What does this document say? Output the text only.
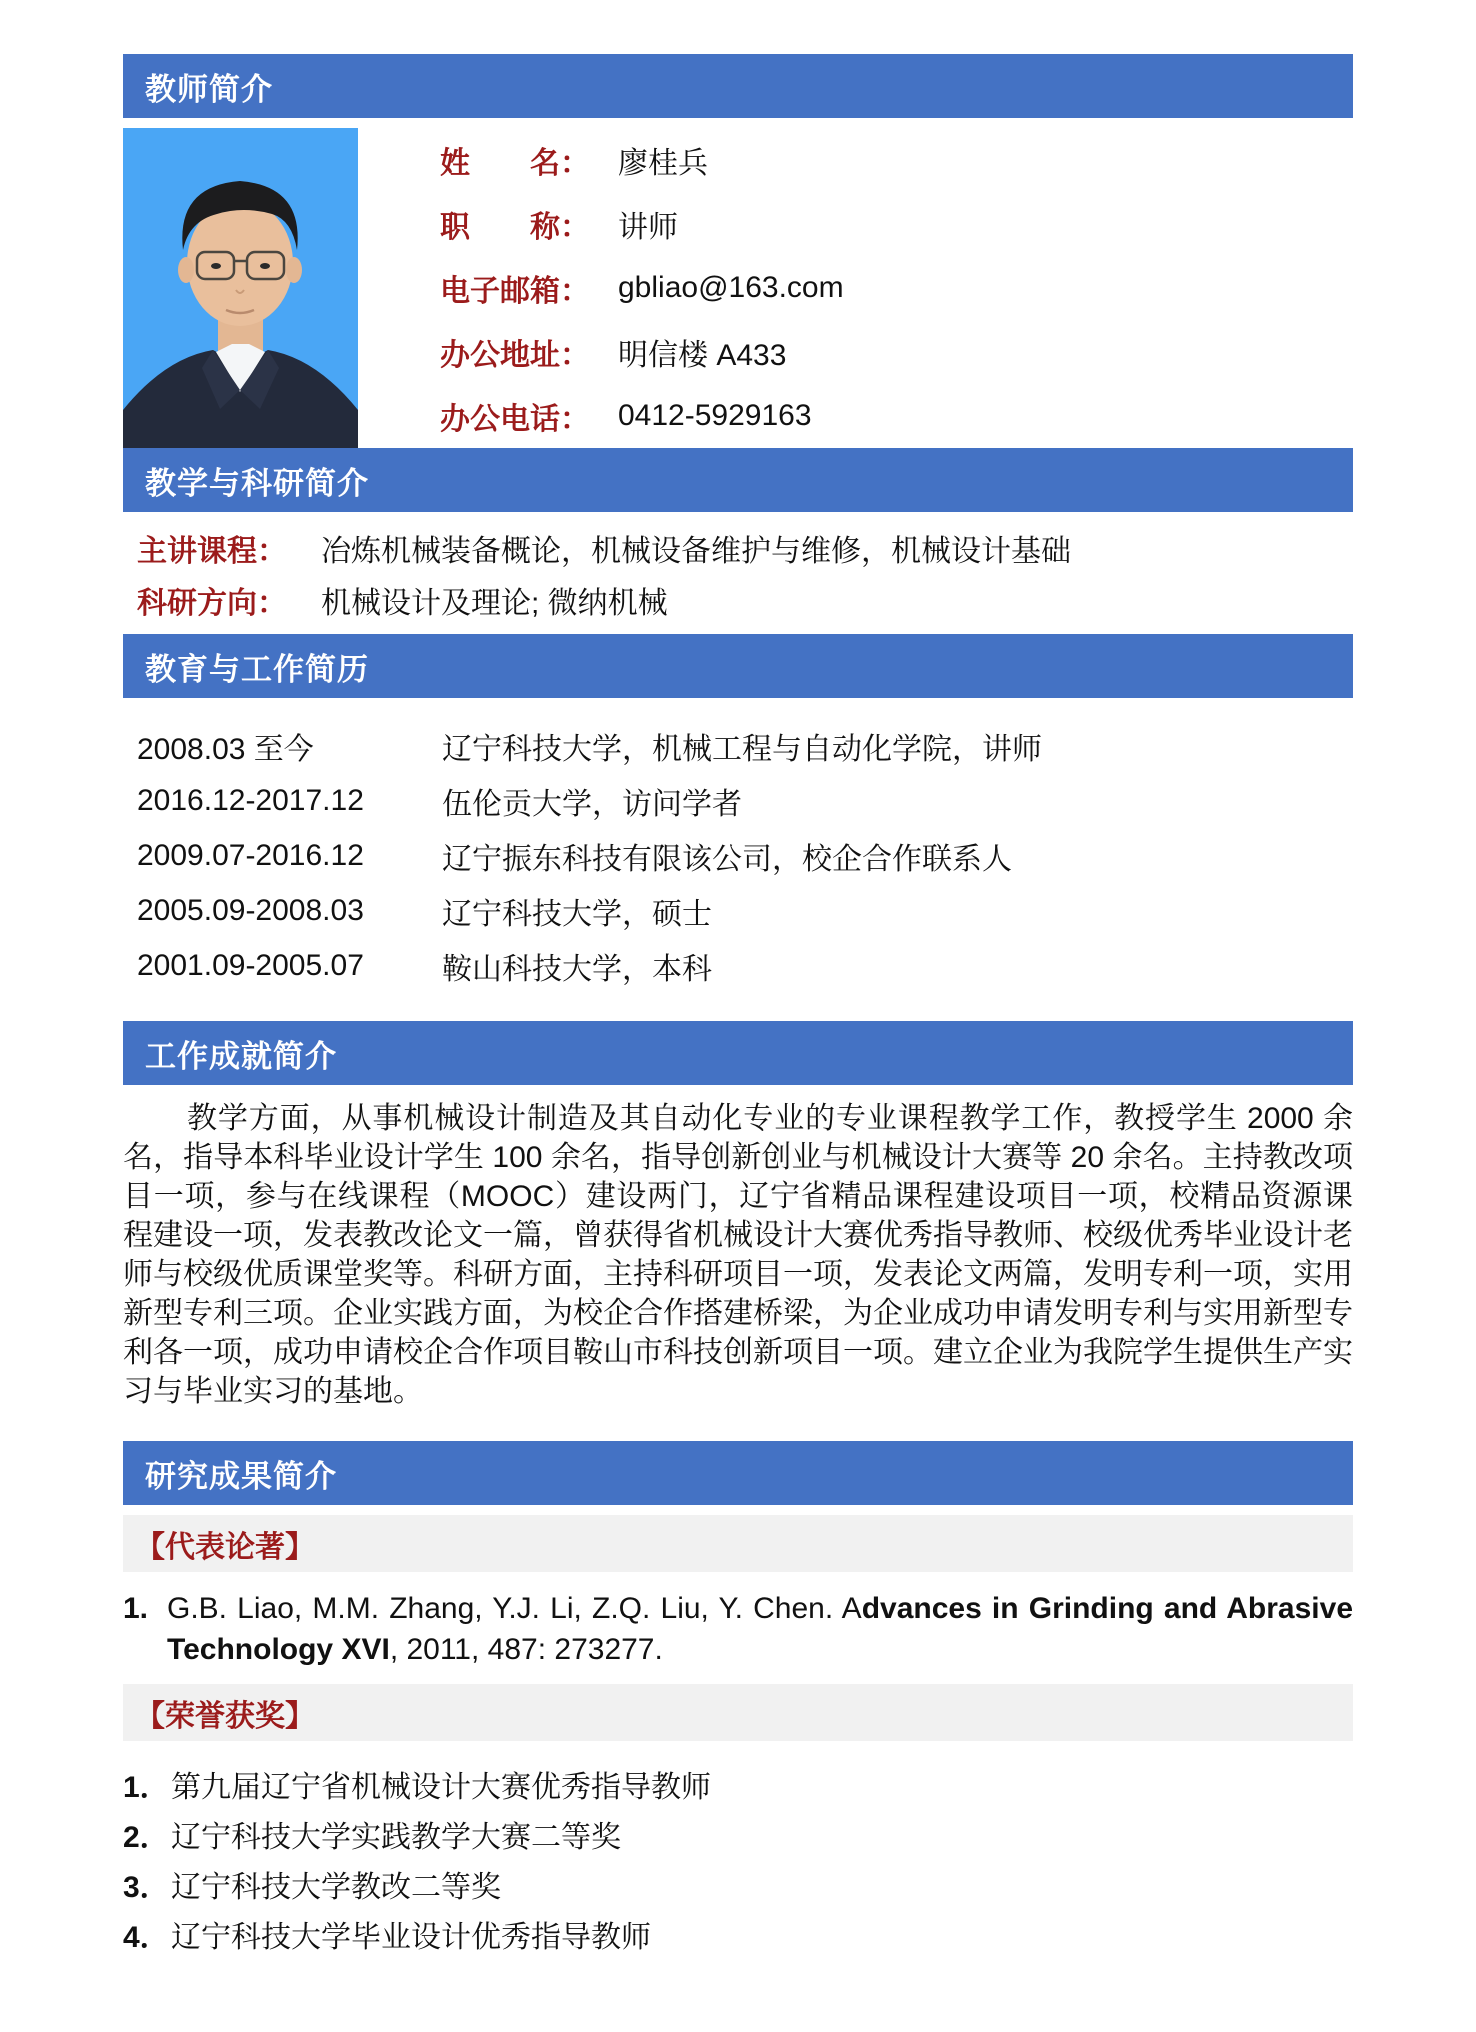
教师简介
姓　　名： 廖桂兵
职　　称： 讲师
电子邮箱： gbliao@163.com
办公地址： 明信楼 A433
办公电话： 0412-5929163
教学与科研简介
主讲课程： 冶炼机械装备概论，机械设备维护与维修，机械设计基础
科研方向： 机械设计及理论; 微纳机械
教育与工作简历
2008.03 至今	辽宁科技大学，机械工程与自动化学院，讲师
2016.12-2017.12	伍伦贡大学，访问学者
2009.07-2016.12	辽宁振东科技有限该公司，校企合作联系人
2005.09-2008.03	辽宁科技大学，硕士
2001.09-2005.07	鞍山科技大学，本科
工作成就简介

教学方面，从事机械设计制造及其自动化专业的专业课程教学工作，教授学生 2000 余名，指导本科毕业设计学生 100 余名，指导创新创业与机械设计大赛等 20 余名。主持教改项目一项，参与在线课程（MOOC）建设两门，辽宁省精品课程建设项目一项，校精品资源课程建设一项，发表教改论文一篇，曾获得省机械设计大赛优秀指导教师、校级优秀毕业设计老师与校级优质课堂奖等。科研方面，主持科研项目一项，发表论文两篇，发明专利一项，实用新型专利三项。企业实践方面，为校企合作搭建桥梁，为企业成功申请发明专利与实用新型专利各一项，成功申请校企合作项目鞍山市科技创新项目一项。建立企业为我院学生提供生产实习与毕业实习的基地。

研究成果简介
【代表论著】
1. G.B. Liao, M.M. Zhang, Y.J. Li, Z.Q. Liu, Y. Chen. Advances in Grinding and Abrasive Technology XVI, 2011, 487: 273277.
【荣誉获奖】
1． 第九届辽宁省机械设计大赛优秀指导教师
2． 辽宁科技大学实践教学大赛二等奖
3． 辽宁科技大学教改二等奖
4． 辽宁科技大学毕业设计优秀指导教师
